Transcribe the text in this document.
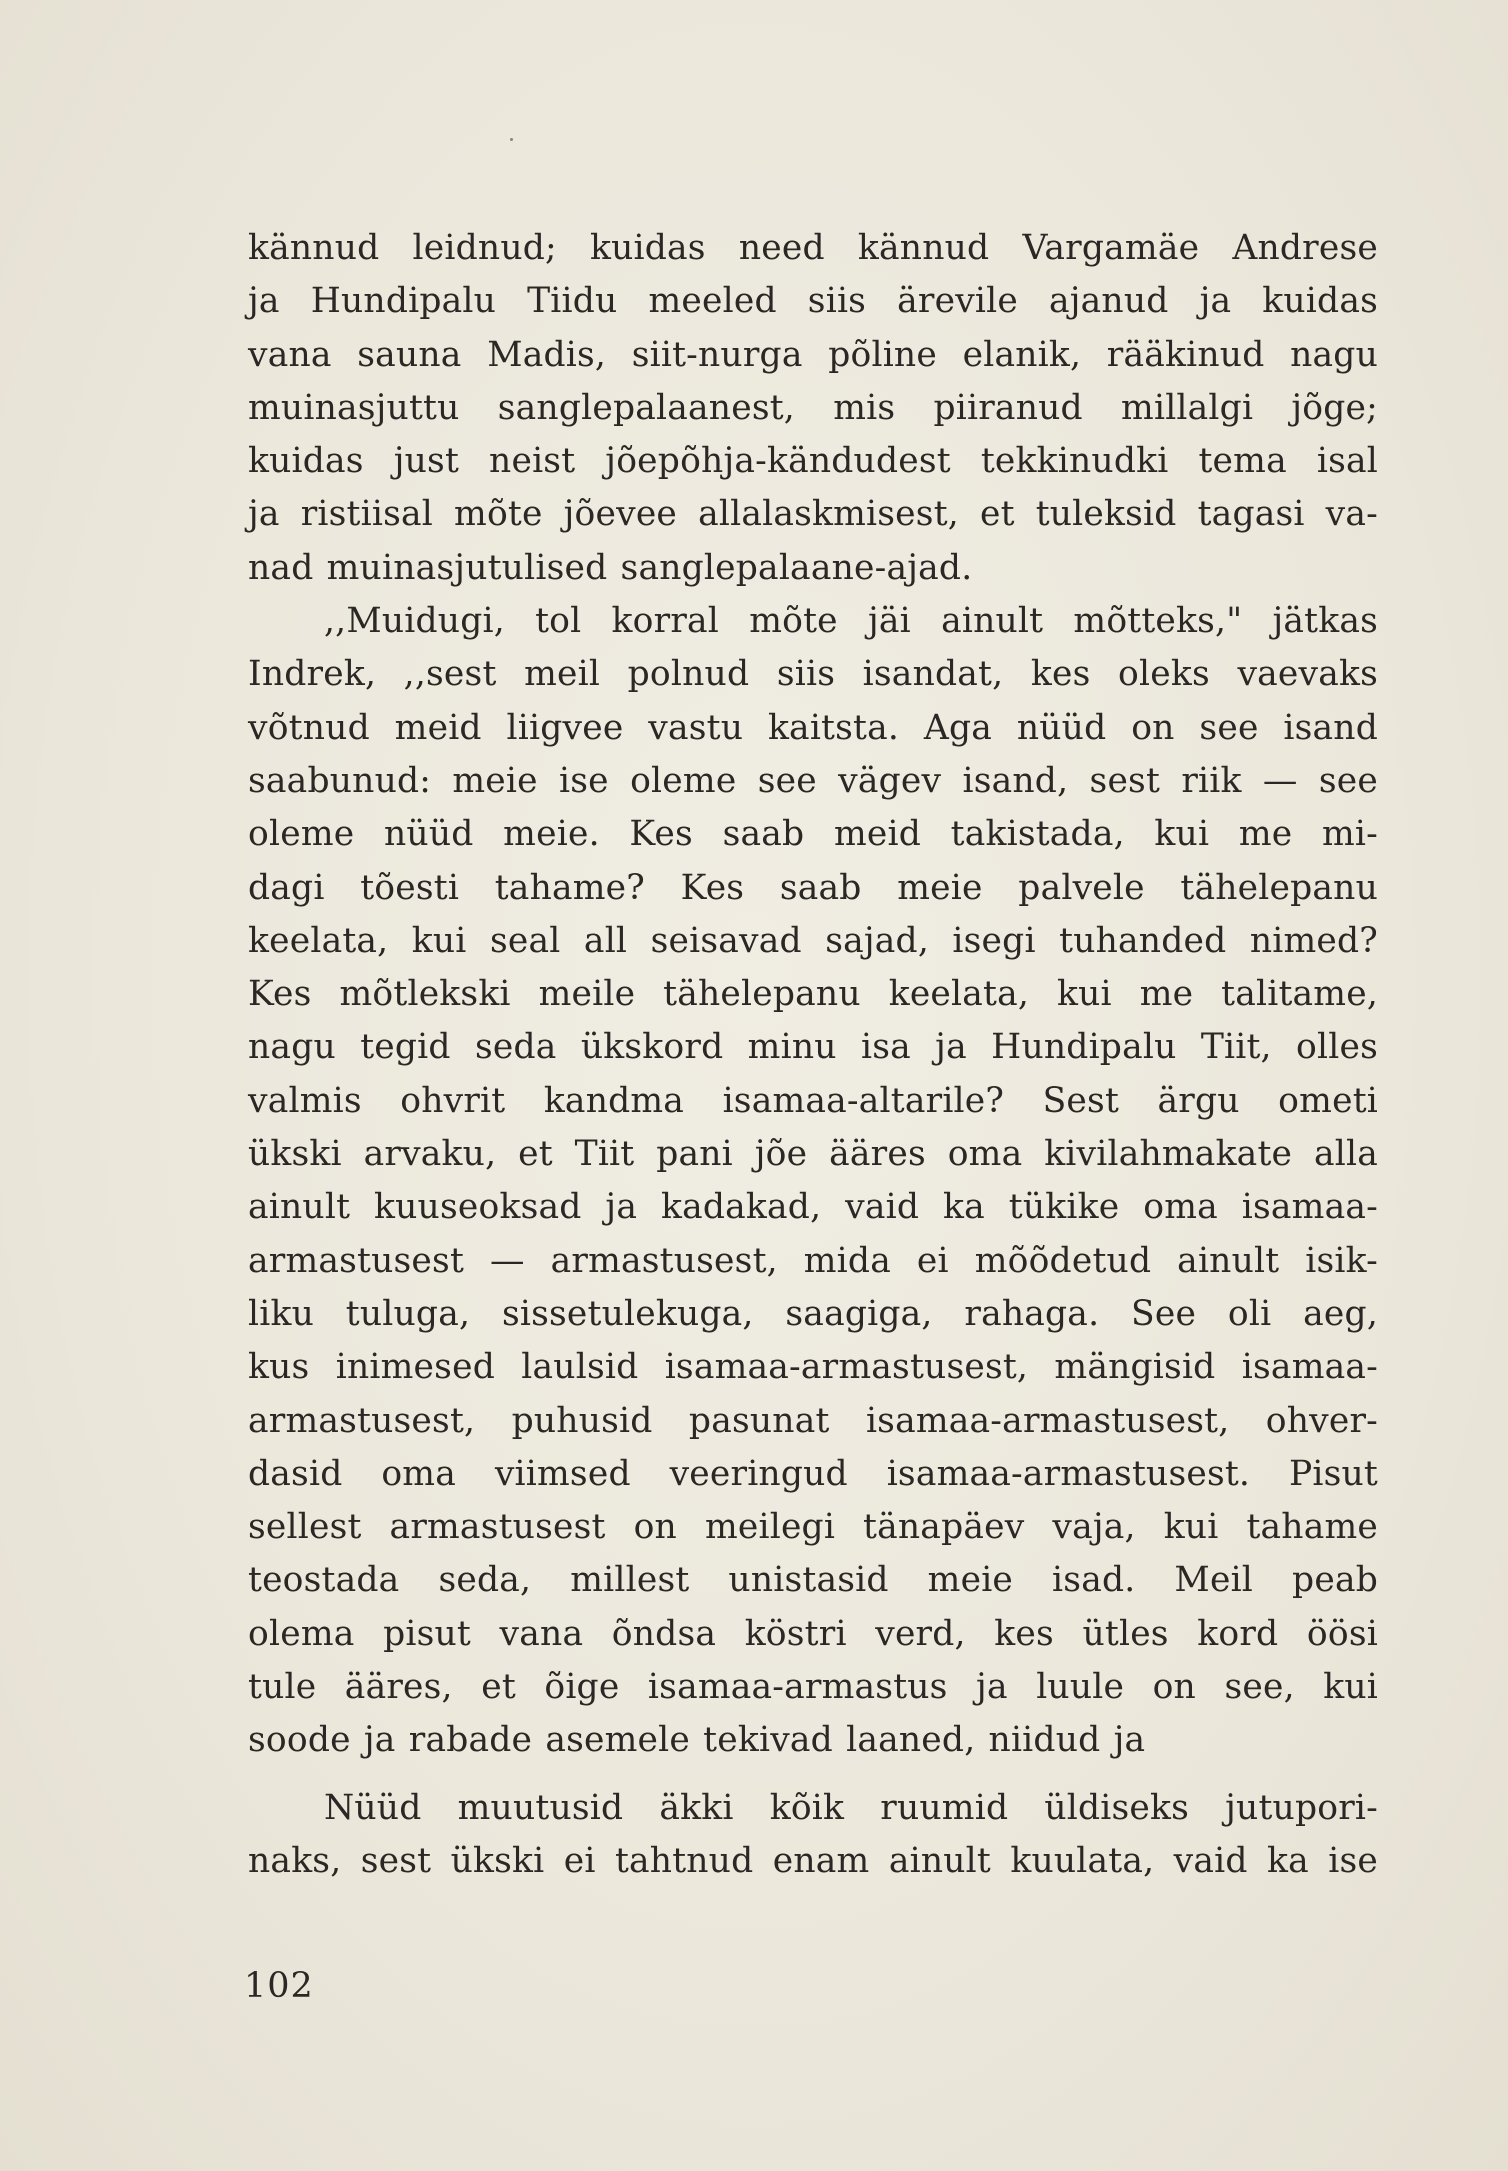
kännud leidnud; kuidas need kännud Vargamäe Andrese
ja Hundipalu Tiidu meeled siis ärevile ajanud ja kuidas
vana sauna Madis, siit-nurga põline elanik, rääkinud nagu
muinasjuttu sanglepalaanest, mis piiranud millalgi jõge;
kuidas just neist jõepõhja-kändudest tekkinudki tema isal
ja ristiisal mõte jõevee allalaskmisest, et tuleksid tagasi va-
nad muinasjutulised sanglepalaane-ajad.
,,Muidugi, tol korral mõte jäi ainult mõtteks," jätkas
Indrek, ,,sest meil polnud siis isandat, kes oleks vaevaks
võtnud meid liigvee vastu kaitsta. Aga nüüd on see isand
saabunud: meie ise oleme see vägev isand, sest riik — see
oleme nüüd meie. Kes saab meid takistada, kui me mi-
dagi tõesti tahame? Kes saab meie palvele tähelepanu
keelata, kui seal all seisavad sajad, isegi tuhanded nimed?
Kes mõtlekski meile tähelepanu keelata, kui me talitame,
nagu tegid seda ükskord minu isa ja Hundipalu Tiit, olles
valmis ohvrit kandma isamaa-altarile? Sest ärgu ometi
ükski arvaku, et Tiit pani jõe ääres oma kivilahmakate alla
ainult kuuseoksad ja kadakad, vaid ka tükike oma isamaa-
armastusest — armastusest, mida ei mõõdetud ainult isik-
liku tuluga, sissetulekuga, saagiga, rahaga. See oli aeg,
kus inimesed laulsid isamaa-armastusest, mängisid isamaa-
armastusest, puhusid pasunat isamaa-armastusest, ohver-
dasid oma viimsed veeringud isamaa-armastusest. Pisut
sellest armastusest on meilegi tänapäev vaja, kui tahame
teostada seda, millest unistasid meie isad. Meil peab
olema pisut vana õndsa köstri verd, kes ütles kord öösi
tule ääres, et õige isamaa-armastus ja luule on see, kui
soode ja rabade asemele tekivad laaned, niidud ja
Nüüd muutusid äkki kõik ruumid üldiseks jutupori-
naks, sest ükski ei tahtnud enam ainult kuulata, vaid ka ise
102
